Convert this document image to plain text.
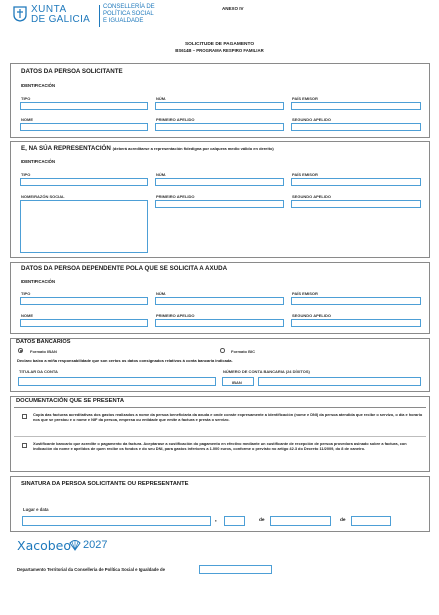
XUNTA
DE GALICIA
CONSELLERÍA DE
POLÍTICA SOCIAL
E IGUALDADE
ANEXO IV
SOLICITUDE DE PAGAMENTO
BS614B – PROGRAMA RESPIRO FAMILIAR
DATOS DA PERSOA SOLICITANTE
IDENTIFICACIÓN
TIPO	NÚM.	PAÍS EMISOR
NOME	PRIMEIRO APELIDO	SEGUNDO APELIDO
E, NA SÚA REPRESENTACIÓN (deberá acreditarse a representación fidedigna por calquera medio válido en dereito)
IDENTIFICACIÓN
TIPO	NÚM.	PAÍS EMISOR
NOME/RAZÓN SOCIAL	PRIMEIRO APELIDO	SEGUNDO APELIDO
DATOS DA PERSOA DEPENDENTE POLA QUE SE SOLICITA A AXUDA
IDENTIFICACIÓN
TIPO	NÚM.	PAÍS EMISOR
NOME	PRIMEIRO APELIDO	SEGUNDO APELIDO
DATOS BANCARIOS
Formato IBAN	Formato BIC
Declaro baixo a miña responsabilidade que son certos os datos consignados relativos á conta bancaria indicada.
TITULAR DA CONTA	NÚMERO DE CONTA BANCARIA (24 DÍXITOS)
IBAN
DOCUMENTACIÓN QUE SE PRESENTA
Copia das facturas acreditativas dos gastos realizados a nome da persoa beneficiaria da axuda e onde conste expresamente a identificación (nome e DNI) da persoa atendida que recibe o servizo, o día e horario nos que se prestou e o nome e NIF da persoa, empresa ou entidade que emite a factura e presta o servizo.
Xustificante bancario que acredite o pagamento da factura. Aceptarase a xustificación do pagamento en efectivo mediante un xustificante de recepción de persoa provedora asinado sobre a factura, con indicación do nome e apelidos de quen recibe os fondos e do seu DNI, para gastos inferiores a 1.000 euros, conforme o previsto no artigo 42.3 do Decreto 11/2009, do 8 de xaneiro.
SINATURA DA PERSOA SOLICITANTE OU REPRESENTANTE
Lugar e data
,	de	de
Xacobeo 2027
Departamento Territorial da Consellería de Política Social e Igualdade de
